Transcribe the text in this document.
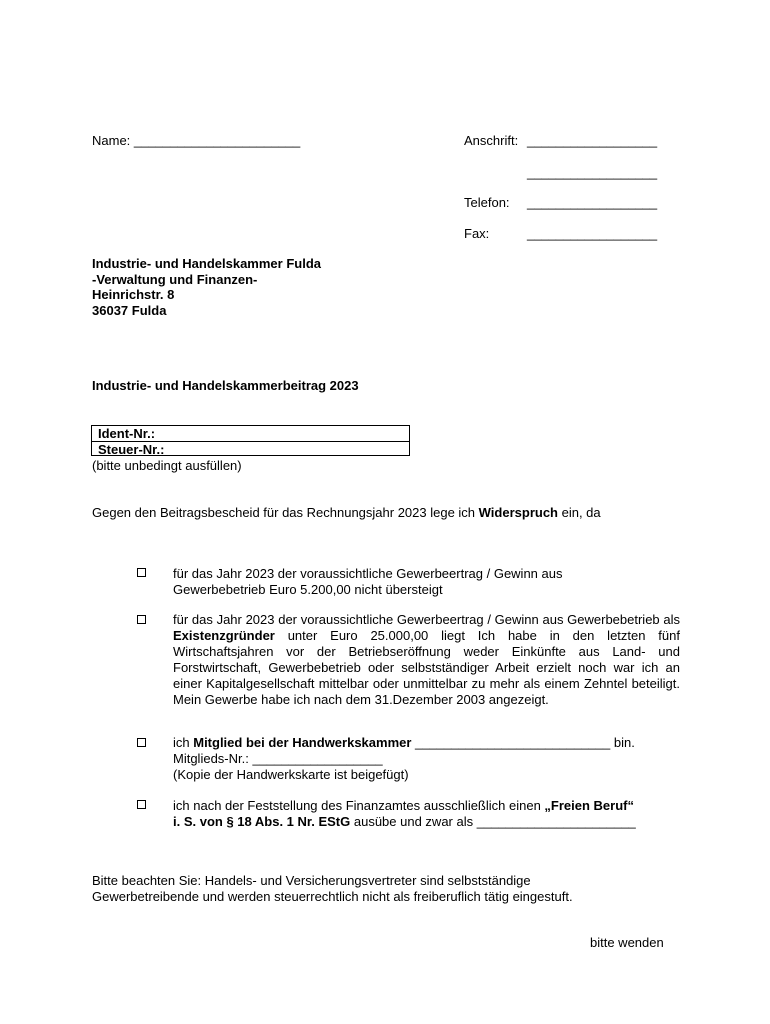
Name: _______________________	Anschrift: __________________
__________________
Telefon: __________________
Fax:	__________________
Industrie- und Handelskammer Fulda
-Verwaltung und Finanzen-
Heinrichstr. 8
36037 Fulda
Industrie- und Handelskammerbeitrag 2023
Ident-Nr.:
Steuer-Nr.:
(bitte unbedingt ausfüllen)
Gegen den Beitragsbescheid für das Rechnungsjahr 2023 lege ich Widerspruch ein, da
für das Jahr 2023 der voraussichtliche Gewerbeertrag / Gewinn aus
Gewerbebetrieb Euro 5.200,00 nicht übersteigt
für das Jahr 2023 der voraussichtliche Gewerbeertrag / Gewinn aus Gewerbebetrieb als Existenzgründer unter Euro 25.000,00 liegt Ich habe in den letzten fünf Wirtschaftsjahren vor der Betriebseröffnung weder Einkünfte aus Land- und Forstwirtschaft, Gewerbebetrieb oder selbstständiger Arbeit erzielt noch war ich an einer Kapitalgesellschaft mittelbar oder unmittelbar zu mehr als einem Zehntel beteiligt. Mein Gewerbe habe ich nach dem 31.Dezember 2003 angezeigt.
ich Mitglied bei der Handwerkskammer ___________________________ bin.
Mitglieds-Nr.: __________________
(Kopie der Handwerkskarte ist beigefügt)
ich nach der Feststellung des Finanzamtes ausschließlich einen „Freien Beruf“
i. S. von § 18 Abs. 1 Nr. EStG ausübe und zwar als ______________________
Bitte beachten Sie: Handels- und Versicherungsvertreter sind selbstständige
Gewerbetreibende und werden steuerrechtlich nicht als freiberuflich tätig eingestuft.
bitte wenden
